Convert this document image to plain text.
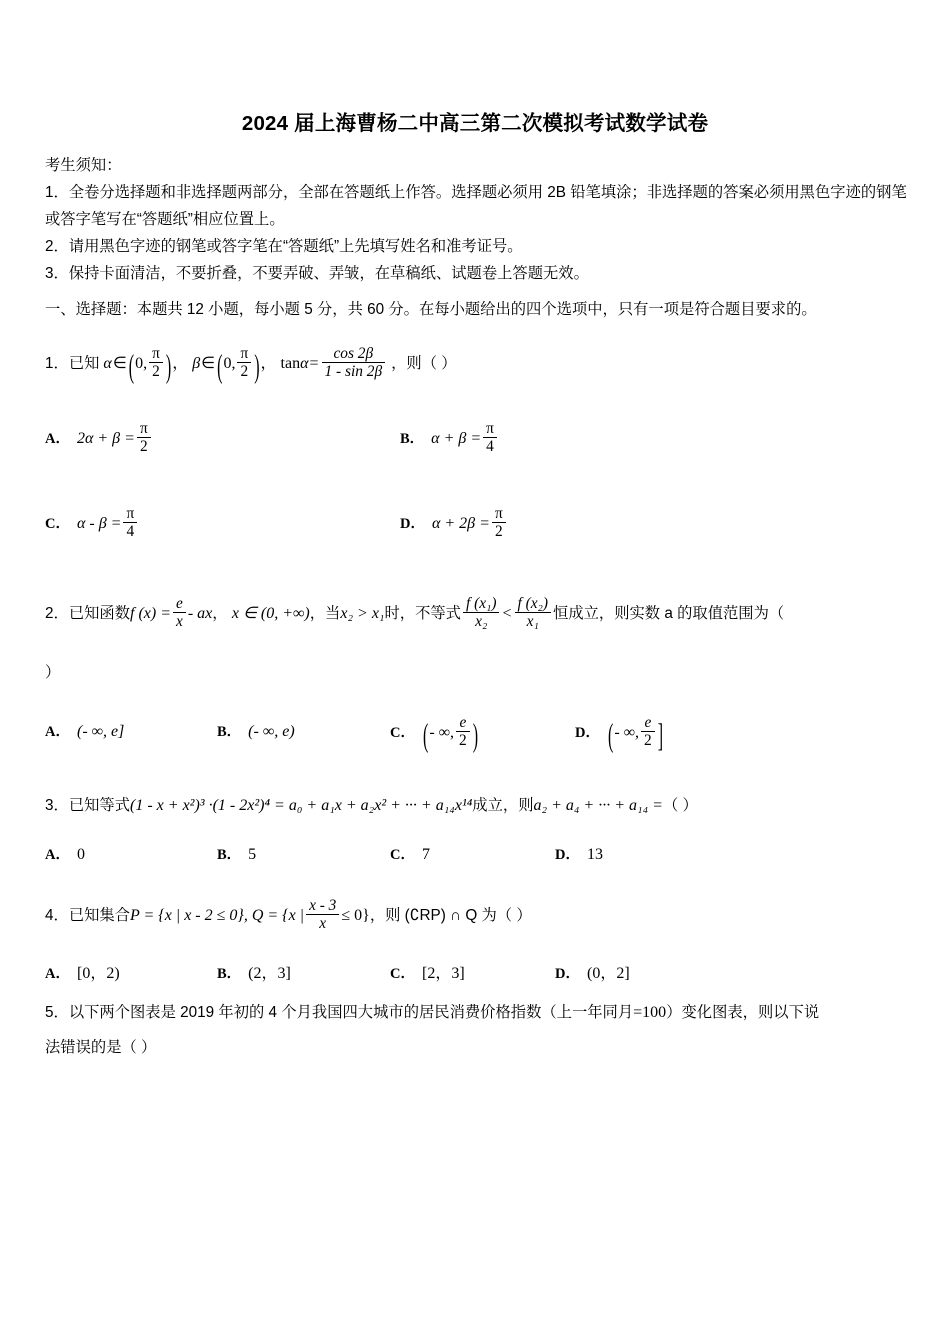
2024 届上海曹杨二中高三第二次模拟考试数学试卷
考生须知：
1．全卷分选择题和非选择题两部分，全部在答题纸上作答。选择题必须用 2B 铅笔填涂；非选择题的答案必须用黑色字迹的钢笔或答字笔写在“答题纸”相应位置上。
2．请用黑色字迹的钢笔或答字笔在“答题纸”上先填写姓名和准考证号。
3．保持卡面清洁，不要折叠，不要弄破、弄皱，在草稿纸、试题卷上答题无效。
一、选择题：本题共 12 小题，每小题 5 分，共 60 分。在每小题给出的四个选项中，只有一项是符合题目要求的。
1．已知 α∈ (0, $\frac{\pi}{2}$ )， β∈ (0, $\frac{\pi}{2}$ )， $\tan\alpha= \frac{\cos 2\beta}{1 - \sin 2\beta}$ ，则（ ）
A． $2\alpha + \beta = \frac{\pi}{2}$	B． $\alpha + \beta = \frac{\pi}{4}$
C． $\alpha - \beta = \frac{\pi}{4}$	D． $\alpha + 2\beta = \frac{\pi}{2}$
2．已知函数f $(x) = \frac{e}{x}$ - ax， x ∈ (0, +∞)，当x₂ > x₁时，不等式 $\frac{\text{f (x₁)}}{\text{x₂}} < \frac{\text{f (x₂)}}{\text{x₁}}$ 恒成立，则实数 a 的取值范围为（
）
A． (- ∞, e]	B． (- ∞, e)	C． (- ∞, $\frac{e}{2}$ )	D． (- ∞, $\frac{e}{2}$ ]
3．已知等式(1 - x + x²)³ ·(1 - 2x²)⁴ = a₀ + a₁x + a₂x² + ··· + a₁₄x¹⁴成立，则a₂ + a₄ + ··· + a₁₄ =（ ）
A． 0	B． 5	C． 7	D． 13
4．已知集合P = {x | x - 2 ≤ 0}, Q = {x | $\frac{x - 3}{x} \le 0$}，则 (∁RP) ∩ Q 为（ ）
A． [0，2)	B． (2，3]	C． [2，3]	D． (0，2]
5．以下两个图表是 2019 年初的 4 个月我国四大城市的居民消费价格指数（上一年同月=100）变化图表，则以下说
法错误的是（ ）
